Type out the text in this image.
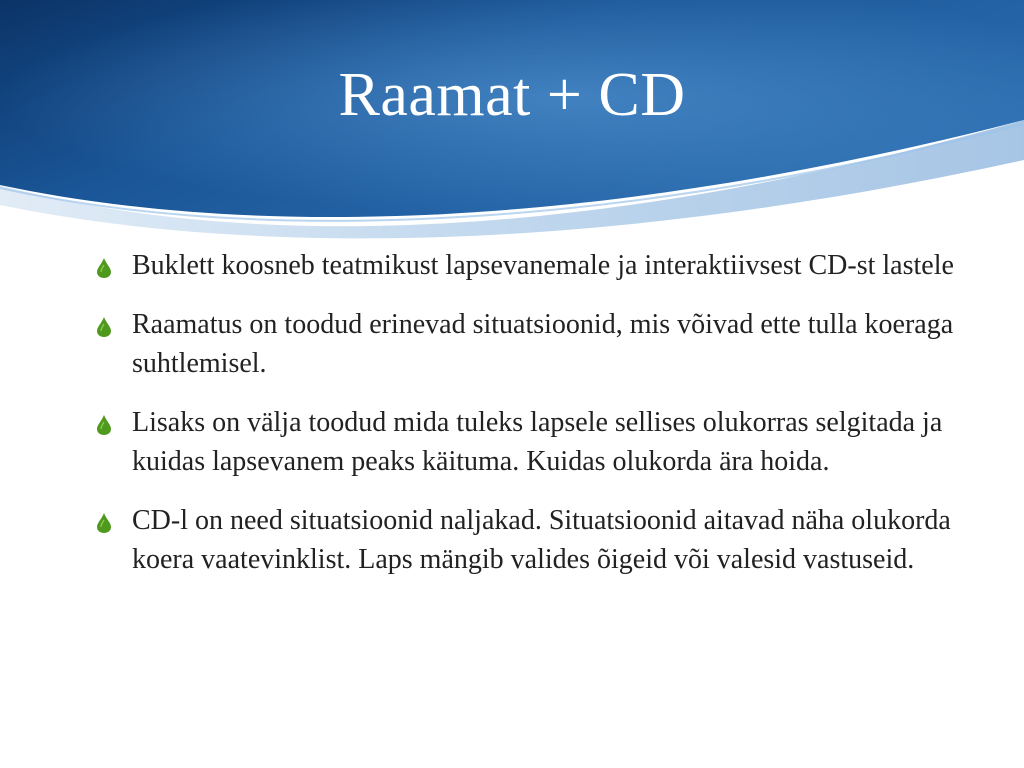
Raamat + CD
Buklett koosneb teatmikust lapsevanemale ja interaktiivsest CD-st lastele
Raamatus on toodud erinevad situatsioonid, mis võivad ette tulla koeraga suhtlemisel.
Lisaks on välja toodud mida tuleks lapsele sellises olukorras selgitada ja kuidas lapsevanem peaks käituma. Kuidas olukorda ära hoida.
CD-l on need situatsioonid naljakad. Situatsioonid aitavad näha olukorda koera vaatevinklist. Laps mängib valides õigeid või valesid vastuseid.
